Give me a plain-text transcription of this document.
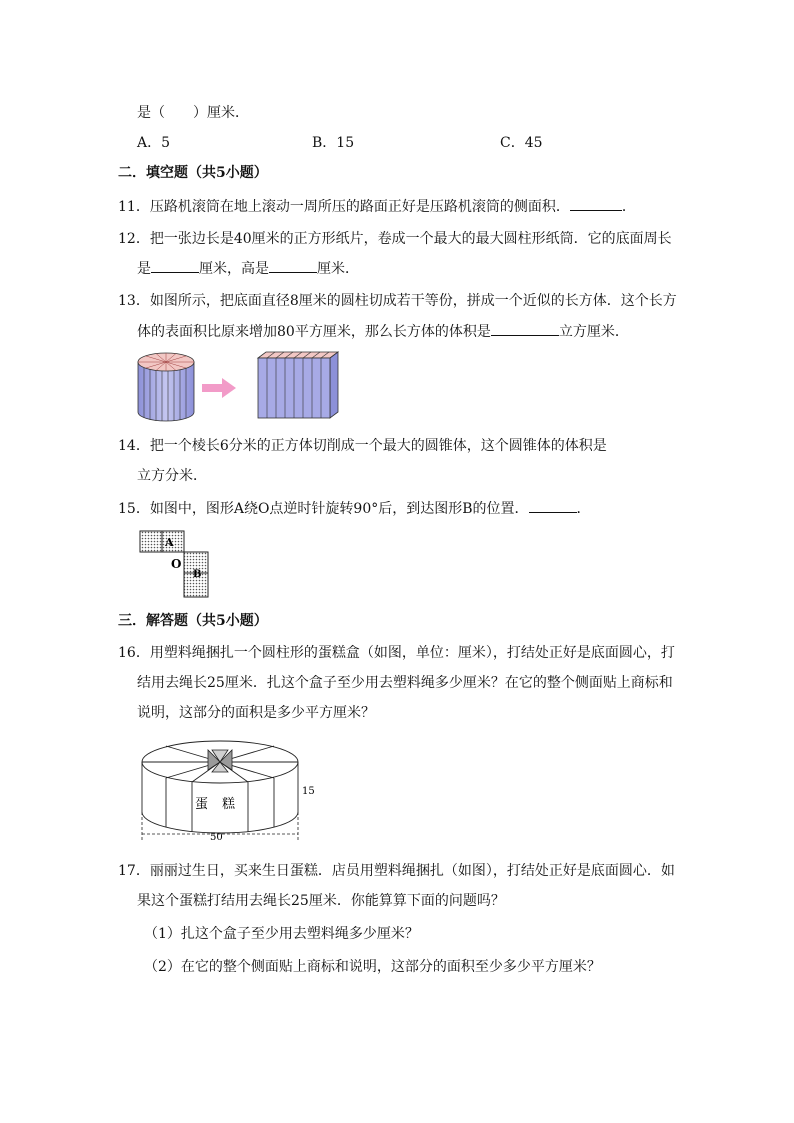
是（　　）厘米．
A．5	B．15	C．45
二．填空题（共5小题）
11．压路机滚筒在地上滚动一周所压的路面正好是压路机滚筒的侧面积．	．
12．把一张边长是40厘米的正方形纸片，卷成一个最大的最大圆柱形纸筒．它的底面周长
是	厘米，高是	厘米．
13．如图所示，把底面直径8厘米的圆柱切成若干等份，拼成一个近似的长方体．这个长方
体的表面积比原来增加80平方厘米，那么长方体的体积是	立方厘米．
14．把一个棱长6分米的正方体切削成一个最大的圆锥体，这个圆锥体的体积是
立方分米．
15．如图中，图形A绕O点逆时针旋转90°后，到达图形B的位置．	．
A
O
B
三．解答题（共5小题）
16．用塑料绳捆扎一个圆柱形的蛋糕盒（如图，单位：厘米），打结处正好是底面圆心，打
结用去绳长25厘米．扎这个盒子至少用去塑料绳多少厘米？在它的整个侧面贴上商标和
说明，这部分的面积是多少平方厘米？
蛋 糕
15
50
17．丽丽过生日，买来生日蛋糕．店员用塑料绳捆扎（如图），打结处正好是底面圆心．如
果这个蛋糕打结用去绳长25厘米．你能算算下面的问题吗？
（1）扎这个盒子至少用去塑料绳多少厘米？
（2）在它的整个侧面贴上商标和说明，这部分的面积至少多少平方厘米？
